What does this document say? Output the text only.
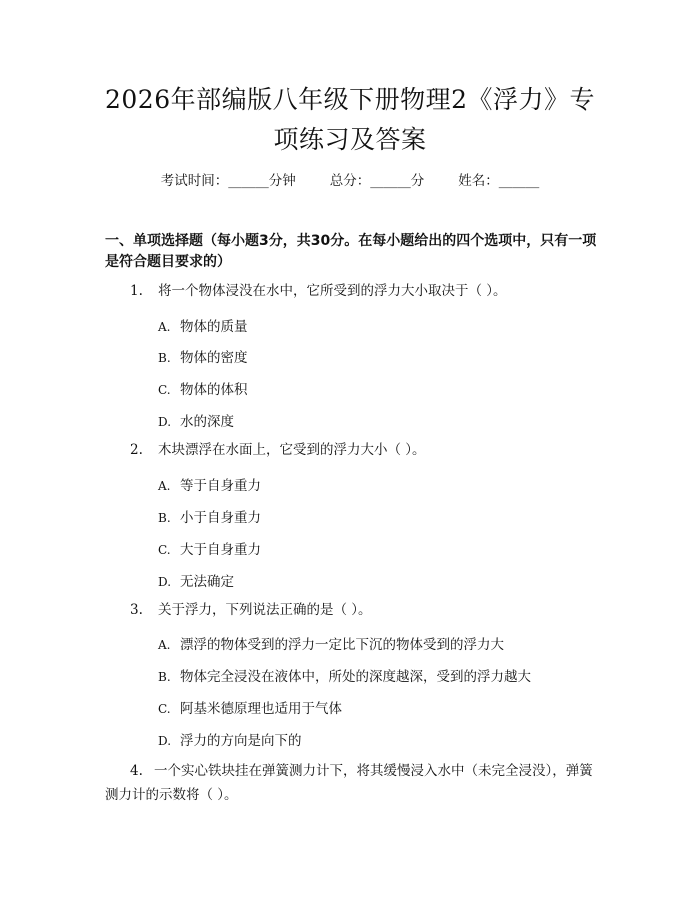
2026年部编版八年级下册物理2《浮力》专
项练习及答案
考试时间：______分钟	总分：______分	姓名：______
一、单项选择题（每小题3分，共30分。在每小题给出的四个选项中，只有一项是符合题目要求的）
1. 将一个物体浸没在水中，它所受到的浮力大小取决于（ ）。
A. 物体的质量
B. 物体的密度
C. 物体的体积
D. 水的深度
2. 木块漂浮在水面上，它受到的浮力大小（ ）。
A. 等于自身重力
B. 小于自身重力
C. 大于自身重力
D. 无法确定
3. 关于浮力，下列说法正确的是（ ）。
A. 漂浮的物体受到的浮力一定比下沉的物体受到的浮力大
B. 物体完全浸没在液体中，所处的深度越深，受到的浮力越大
C. 阿基米德原理也适用于气体
D. 浮力的方向是向下的
4. 一个实心铁块挂在弹簧测力计下，将其缓慢浸入水中（未完全浸没），弹簧测力计的示数将（ ）。
